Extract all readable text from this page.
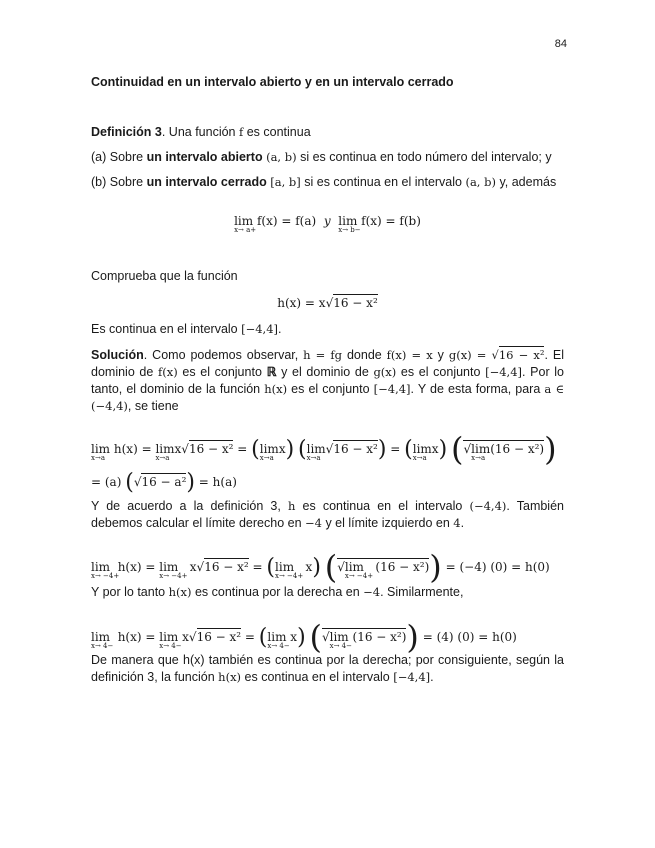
84
Continuidad en un intervalo abierto y en un intervalo cerrado
Definición 3. Una función f es continua
(a) Sobre un intervalo abierto (a, b) si es continua en todo número del intervalo; y
(b) Sobre un intervalo cerrado [a, b] si es continua en el intervalo (a, b) y, además
lim
x→ a+
f(x) = f(a) y lim
x→ b−
f(x) = f(b)
Comprueba que la función
h(x) = x√16 − x²
Es continua en el intervalo [−4,4].
Solución. Como podemos observar, h = fg donde f(x) = x y g(x) = √16 − x². El dominio de f(x) es el conjunto ℝ y el dominio de g(x) es el conjunto [−4,4]. Por lo tanto, el dominio de la función h(x) es el conjunto [−4,4]. Y de esta forma, para a ∈ (−4,4), se tiene
lim
x→a
h(x) = lim
x→a
x√16 − x² = (lim
x→a
x) (lim
x→a
√16 − x²) = (lim
x→a
x) (√lim
x→a
(16 − x²))
= (a) (√16 − a²) = h(a)
Y de acuerdo a la definición 3, h es continua en el intervalo (−4,4). También debemos calcular el límite derecho en −4 y el límite izquierdo en 4.
lim
x→ −4+
h(x) = lim
x→ −4+
x√16 − x² = (lim
x→ −4+
x) (√lim
x→ −4+
(16 − x²)) = (−4) (0) = h(0)
Y por lo tanto h(x) es continua por la derecha en −4. Similarmente,
lim
x→ 4−
h(x) = lim
x→ 4−
x√16 − x² = (lim
x→ 4−
x) (√lim
x→ 4−
(16 − x²)) = (4) (0) = h(0)
De manera que h(x) también es continua por la derecha; por consiguiente, según la definición 3, la función h(x) es continua en el intervalo [−4,4].
